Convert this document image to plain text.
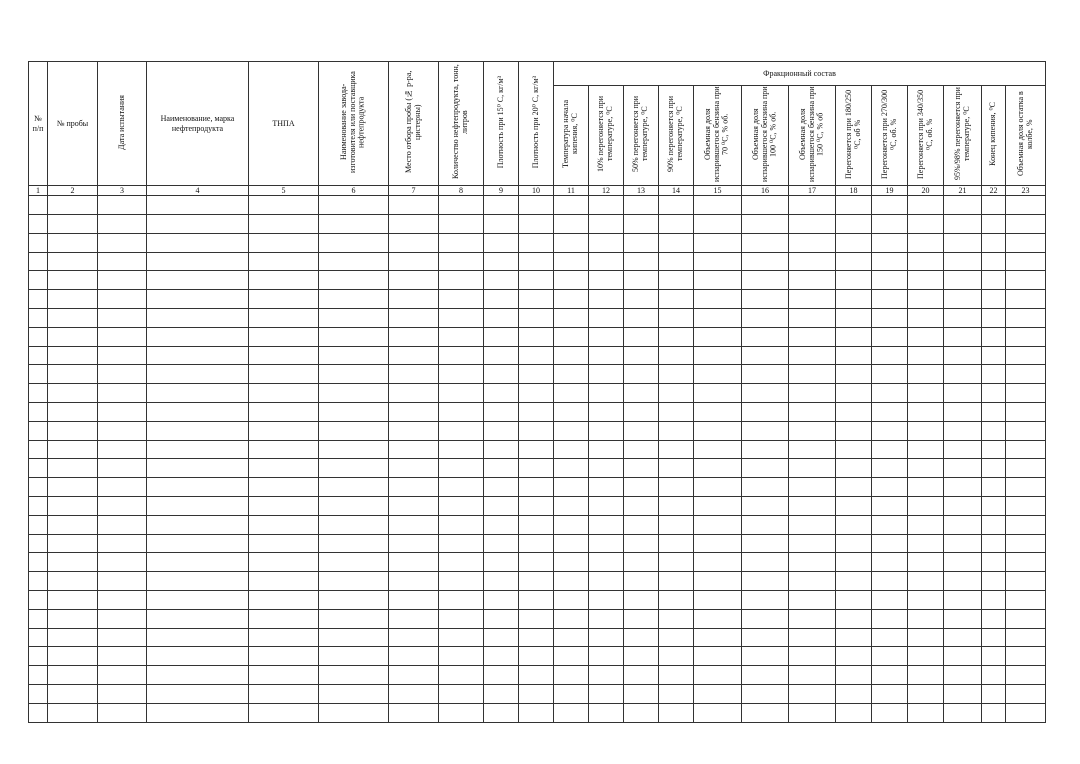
№ п/п	№ пробы	Дата испытания	Наименование, марка нефтепродукта	ТНПА	Наименование завода-изготовителя или поставщика нефтепродукта	Место отбора пробы (№ р-ра, цистерны)	Количество нефтепродукта, тонн, литров	Плотность при 15⁰ С, кг/м³	Плотность при 20⁰ С, кг/м³	Фракционный состав												
										Температура начала кипения, ⁰С	10% перегоняется при температуре, ⁰С	50% перегоняется при температуре, ⁰С	90% перегоняется при температуре, ⁰С	Объемная доля испарившегося бензина при 70 ⁰С, % об.	Объемная доля испарившегося бензина при 100 ⁰С, % об.	Объемная доля испарившегося бензина при 150 ⁰С, % об	Перегоняется при 180/250 ⁰С, об %	Перегоняется при 270/300 ⁰С, об. %	Перегоняется при 340/350 ⁰С, об. %	95%/98% перегоняется при температуре, ⁰С	Конец кипения, ⁰С	Объемная доля остатка в колбе, %
1	2	3	4	5	6	7	8	9	10	11	12	13	14	15	16	17	18	19	20	21	22	23
